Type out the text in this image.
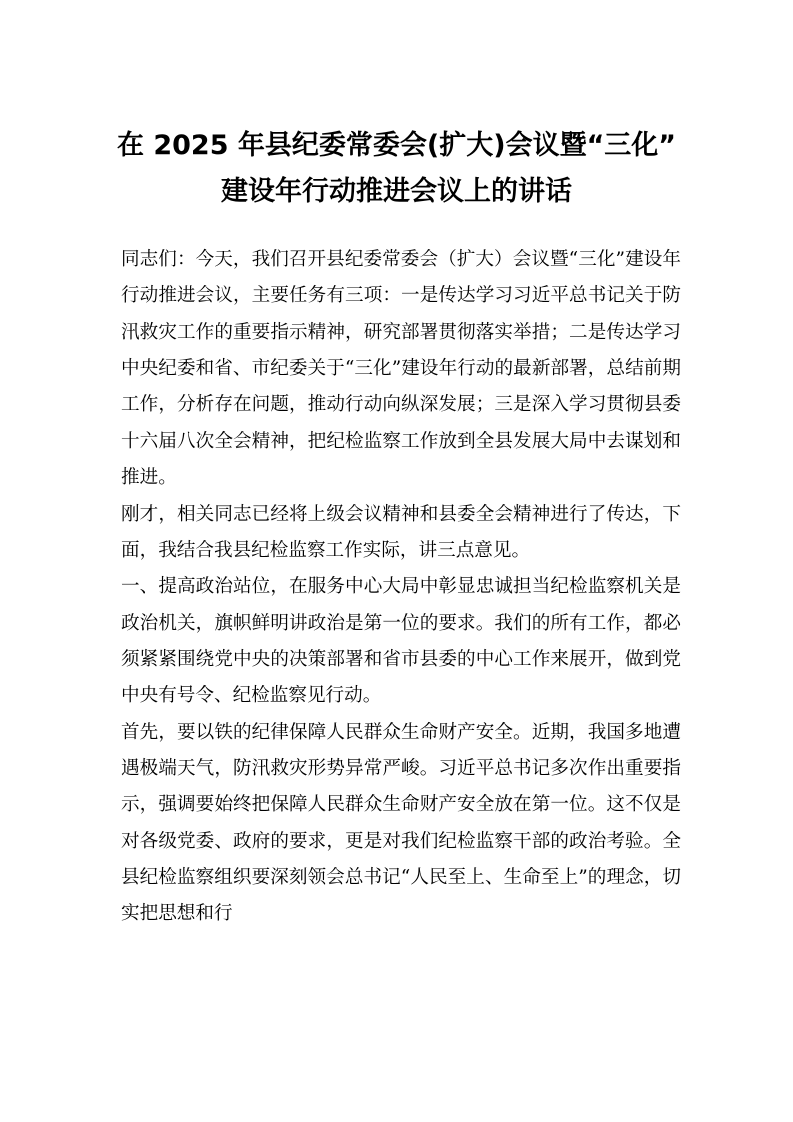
在 2025 年县纪委常委会(扩大)会议暨“三化”
建设年行动推进会议上的讲话

同志们：今天，我们召开县纪委常委会（扩大）会议暨“三化”建设年行动推进会议，主要任务有三项：一是传达学习习近平总书记关于防汛救灾工作的重要指示精神，研究部署贯彻落实举措；二是传达学习中央纪委和省、市纪委关于“三化”建设年行动的最新部署，总结前期工作，分析存在问题，推动行动向纵深发展；三是深入学习贯彻县委十六届八次全会精神，把纪检监察工作放到全县发展大局中去谋划和推进。

刚才，相关同志已经将上级会议精神和县委全会精神进行了传达，下面，我结合我县纪检监察工作实际，讲三点意见。

一、提高政治站位，在服务中心大局中彰显忠诚担当纪检监察机关是政治机关，旗帜鲜明讲政治是第一位的要求。我们的所有工作，都必须紧紧围绕党中央的决策部署和省市县委的中心工作来展开，做到党中央有号令、纪检监察见行动。

首先，要以铁的纪律保障人民群众生命财产安全。近期，我国多地遭遇极端天气，防汛救灾形势异常严峻。习近平总书记多次作出重要指示，强调要始终把保障人民群众生命财产安全放在第一位。这不仅是对各级党委、政府的要求，更是对我们纪检监察干部的政治考验。全县纪检监察组织要深刻领会总书记“人民至上、生命至上”的理念，切实把思想和行
